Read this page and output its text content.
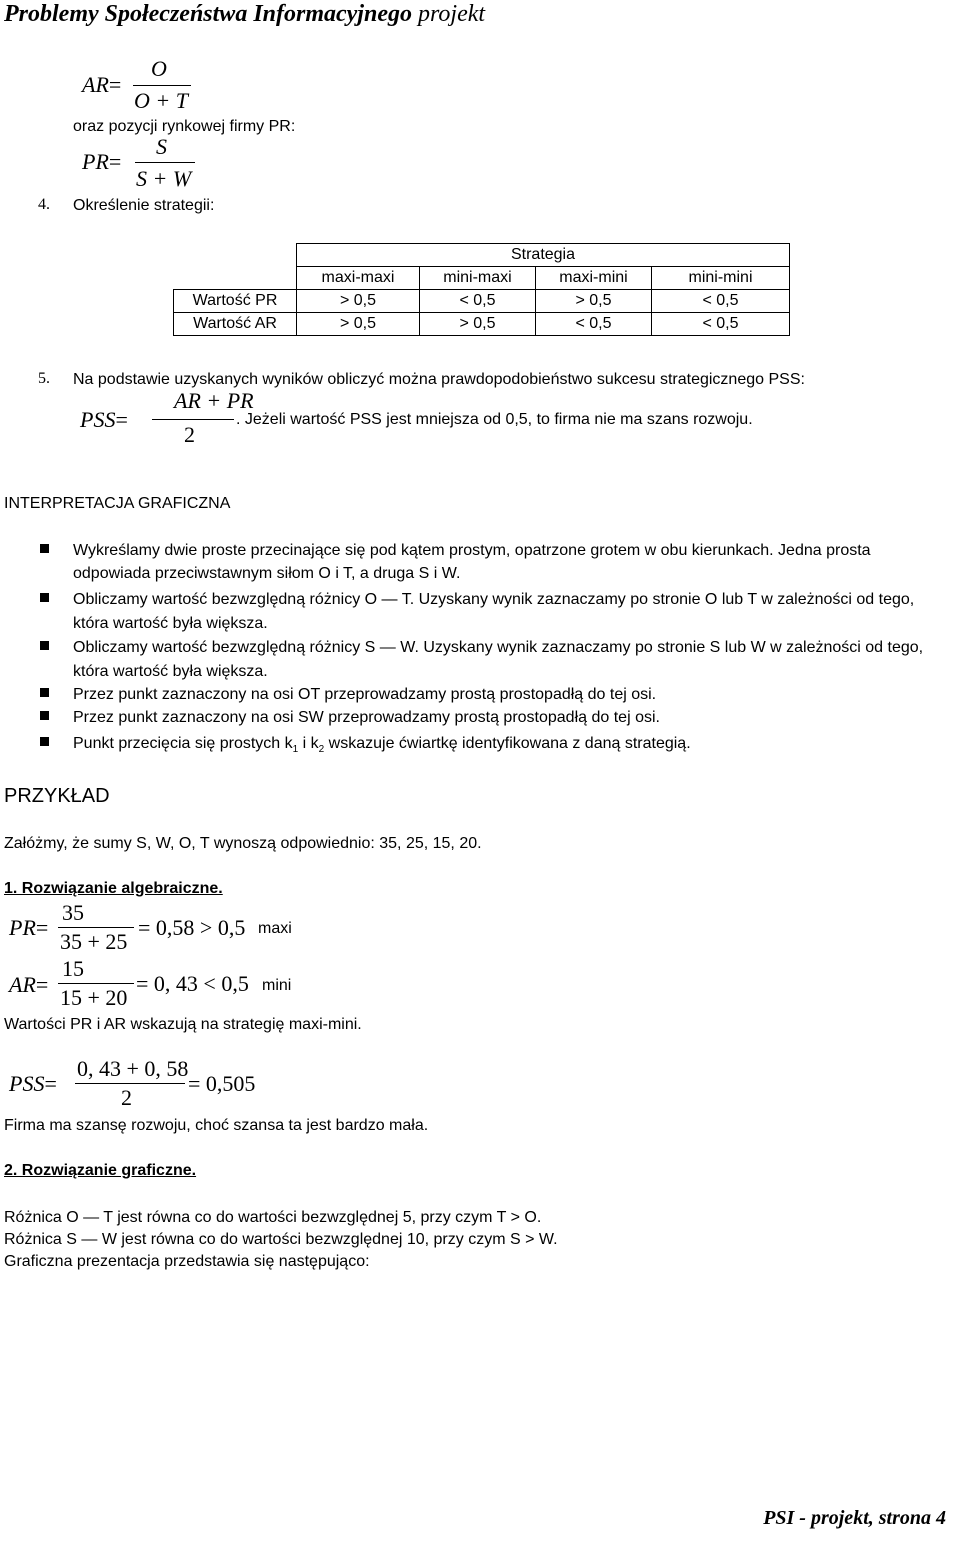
Problemy Społeczeństwa Informacyjnego projekt
AR=
O
O + T
oraz pozycji rynkowej firmy PR:
PR=
S
S + W
4. Określenie strategii:
	Strategia			
	maxi-maxi	mini-maxi	maxi-mini	mini-mini
Wartość PR	> 0,5	< 0,5	> 0,5	< 0,5
Wartość AR	> 0,5	> 0,5	< 0,5	< 0,5
5. Na podstawie uzyskanych wyników obliczyć można prawdopodobieństwo sukcesu strategicznego PSS:
PSS=
AR + PR
2
. Jeżeli wartość PSS jest mniejsza od 0,5, to firma nie ma szans rozwoju.
INTERPRETACJA GRAFICZNA
Wykreślamy dwie proste przecinające się pod kątem prostym, opatrzone grotem w obu kierunkach. Jedna prosta
odpowiada przeciwstawnym siłom O i T, a druga S i W.
Obliczamy wartość bezwzględną różnicy O — T. Uzyskany wynik zaznaczamy po stronie O lub T w zależności od tego,
która wartość była większa.
Obliczamy wartość bezwzględną różnicy S — W. Uzyskany wynik zaznaczamy po stronie S lub W w zależności od tego,
która wartość była większa.
Przez punkt zaznaczony na osi OT przeprowadzamy prostą prostopadłą do tej osi.
Przez punkt zaznaczony na osi SW przeprowadzamy prostą prostopadłą do tej osi.
Punkt przecięcia się prostych $k_1$ i $k_2$ wskazuje ćwiartkę identyfikowana z daną strategią.
PRZYKŁAD
Załóżmy, że sumy S, W, O, T wynoszą odpowiednio: 35, 25, 15, 20.
1. Rozwiązanie algebraiczne.
PR=
35
35 + 25
= 0,58 > 0,5 maxi
AR=
15
15 + 20
= 0, 43 < 0,5 mini
Wartości PR i AR wskazują na strategię maxi-mini.
PSS=
0, 43 + 0, 58
2
= 0,505
Firma ma szansę rozwoju, choć szansa ta jest bardzo mała.
2. Rozwiązanie graficzne.
Różnica O — T jest równa co do wartości bezwzględnej 5, przy czym T > O.
Różnica S — W jest równa co do wartości bezwzględnej 10, przy czym S > W.
Graficzna prezentacja przedstawia się następująco:
PSI - projekt, strona 4
